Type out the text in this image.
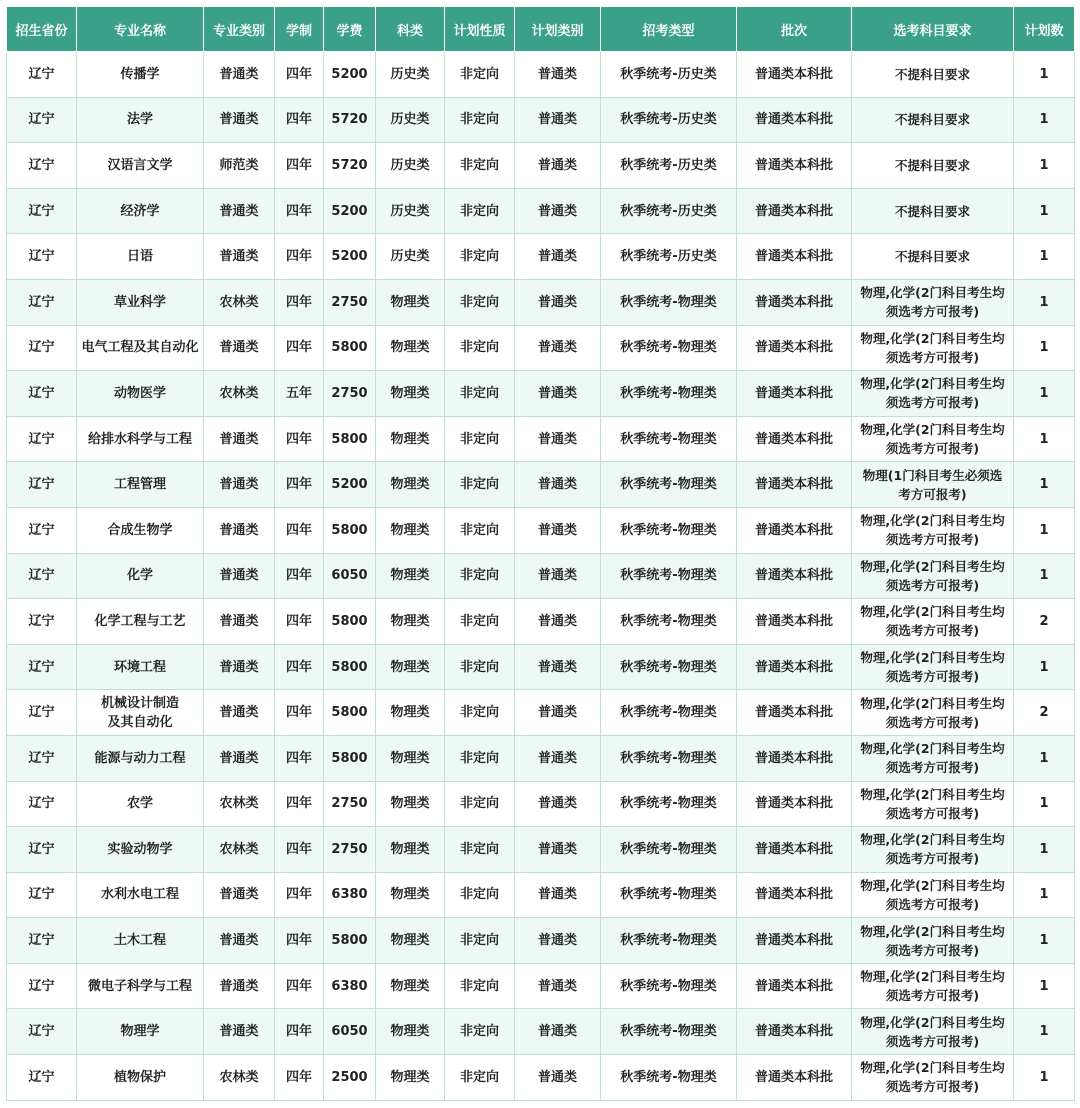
招生省份	专业名称	专业类别	学制	学费	科类	计划性质	计划类别	招考类型	批次	选考科目要求	计划数
辽宁	传播学	普通类	四年	5200	历史类	非定向	普通类	秋季统考-历史类	普通类本科批	不提科目要求	1
辽宁	法学	普通类	四年	5720	历史类	非定向	普通类	秋季统考-历史类	普通类本科批	不提科目要求	1
辽宁	汉语言文学	师范类	四年	5720	历史类	非定向	普通类	秋季统考-历史类	普通类本科批	不提科目要求	1
辽宁	经济学	普通类	四年	5200	历史类	非定向	普通类	秋季统考-历史类	普通类本科批	不提科目要求	1
辽宁	日语	普通类	四年	5200	历史类	非定向	普通类	秋季统考-历史类	普通类本科批	不提科目要求	1
辽宁	草业科学	农林类	四年	2750	物理类	非定向	普通类	秋季统考-物理类	普通类本科批	物理,化学(2门科目考生均
须选考方可报考)	1
辽宁	电气工程及其自动化	普通类	四年	5800	物理类	非定向	普通类	秋季统考-物理类	普通类本科批	物理,化学(2门科目考生均
须选考方可报考)	1
辽宁	动物医学	农林类	五年	2750	物理类	非定向	普通类	秋季统考-物理类	普通类本科批	物理,化学(2门科目考生均
须选考方可报考)	1
辽宁	给排水科学与工程	普通类	四年	5800	物理类	非定向	普通类	秋季统考-物理类	普通类本科批	物理,化学(2门科目考生均
须选考方可报考)	1
辽宁	工程管理	普通类	四年	5200	物理类	非定向	普通类	秋季统考-物理类	普通类本科批	物理(1门科目考生必须选
考方可报考)	1
辽宁	合成生物学	普通类	四年	5800	物理类	非定向	普通类	秋季统考-物理类	普通类本科批	物理,化学(2门科目考生均
须选考方可报考)	1
辽宁	化学	普通类	四年	6050	物理类	非定向	普通类	秋季统考-物理类	普通类本科批	物理,化学(2门科目考生均
须选考方可报考)	1
辽宁	化学工程与工艺	普通类	四年	5800	物理类	非定向	普通类	秋季统考-物理类	普通类本科批	物理,化学(2门科目考生均
须选考方可报考)	2
辽宁	环境工程	普通类	四年	5800	物理类	非定向	普通类	秋季统考-物理类	普通类本科批	物理,化学(2门科目考生均
须选考方可报考)	1
辽宁	机械设计制造
及其自动化	普通类	四年	5800	物理类	非定向	普通类	秋季统考-物理类	普通类本科批	物理,化学(2门科目考生均
须选考方可报考)	2
辽宁	能源与动力工程	普通类	四年	5800	物理类	非定向	普通类	秋季统考-物理类	普通类本科批	物理,化学(2门科目考生均
须选考方可报考)	1
辽宁	农学	农林类	四年	2750	物理类	非定向	普通类	秋季统考-物理类	普通类本科批	物理,化学(2门科目考生均
须选考方可报考)	1
辽宁	实验动物学	农林类	四年	2750	物理类	非定向	普通类	秋季统考-物理类	普通类本科批	物理,化学(2门科目考生均
须选考方可报考)	1
辽宁	水利水电工程	普通类	四年	6380	物理类	非定向	普通类	秋季统考-物理类	普通类本科批	物理,化学(2门科目考生均
须选考方可报考)	1
辽宁	土木工程	普通类	四年	5800	物理类	非定向	普通类	秋季统考-物理类	普通类本科批	物理,化学(2门科目考生均
须选考方可报考)	1
辽宁	微电子科学与工程	普通类	四年	6380	物理类	非定向	普通类	秋季统考-物理类	普通类本科批	物理,化学(2门科目考生均
须选考方可报考)	1
辽宁	物理学	普通类	四年	6050	物理类	非定向	普通类	秋季统考-物理类	普通类本科批	物理,化学(2门科目考生均
须选考方可报考)	1
辽宁	植物保护	农林类	四年	2500	物理类	非定向	普通类	秋季统考-物理类	普通类本科批	物理,化学(2门科目考生均
须选考方可报考)	1
